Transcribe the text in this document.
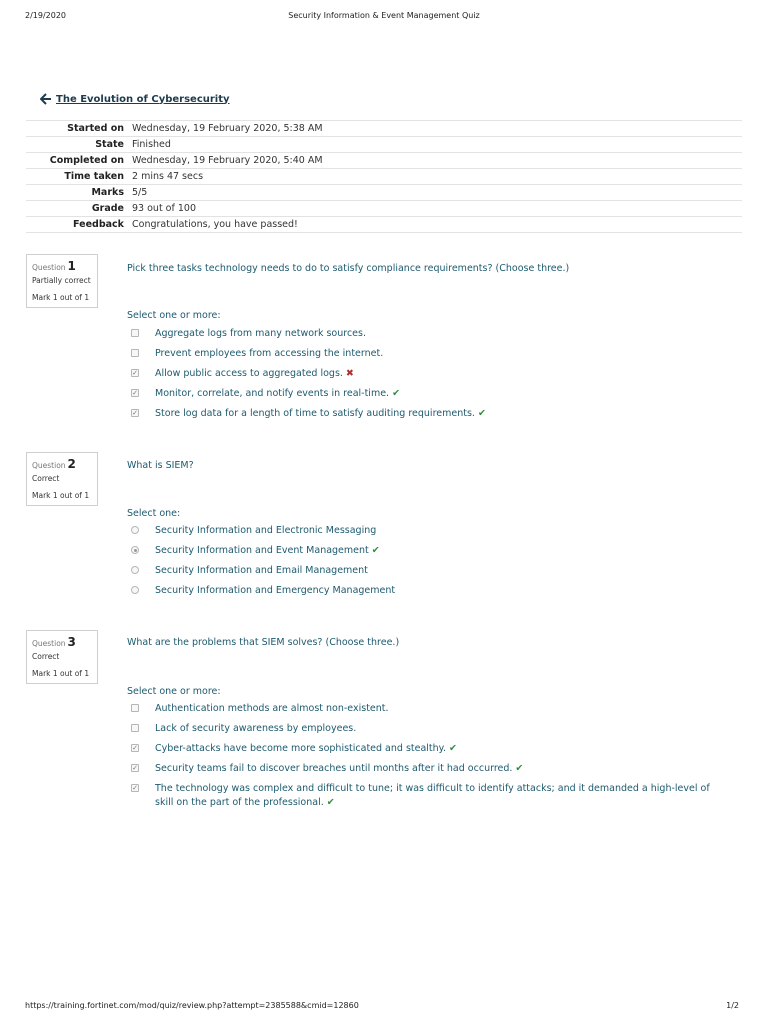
2/19/2020	Security Information & Event Management Quiz
The Evolution of Cybersecurity
Started on	Wednesday, 19 February 2020, 5:38 AM
State	Finished
Completed on	Wednesday, 19 February 2020, 5:40 AM
Time taken	2 mins 47 secs
Marks	5/5
Grade	93 out of 100
Feedback	Congratulations, you have passed!
Question 1
Partially correct
Mark 1 out of 1
Pick three tasks technology needs to do to satisfy compliance requirements? (Choose three.)
Select one or more:
Aggregate logs from many network sources.
Prevent employees from accessing the internet.
✓	Allow public access to aggregated logs. ✖
✓	Monitor, correlate, and notify events in real-time. ✔
✓	Store log data for a length of time to satisfy auditing requirements. ✔
Question 2
Correct
Mark 1 out of 1
What is SIEM?
Select one:
Security Information and Electronic Messaging
Security Information and Event Management ✔
Security Information and Email Management
Security Information and Emergency Management
Question 3
Correct
Mark 1 out of 1
What are the problems that SIEM solves? (Choose three.)
Select one or more:
Authentication methods are almost non-existent.
Lack of security awareness by employees.
✓	Cyber-attacks have become more sophisticated and stealthy. ✔
✓	Security teams fail to discover breaches until months after it had occurred. ✔
✓	The technology was complex and difficult to tune; it was difficult to identify attacks; and it demanded a high-level of skill on the part of the professional. ✔
https://training.fortinet.com/mod/quiz/review.php?attempt=2385588&cmid=12860	1/2
